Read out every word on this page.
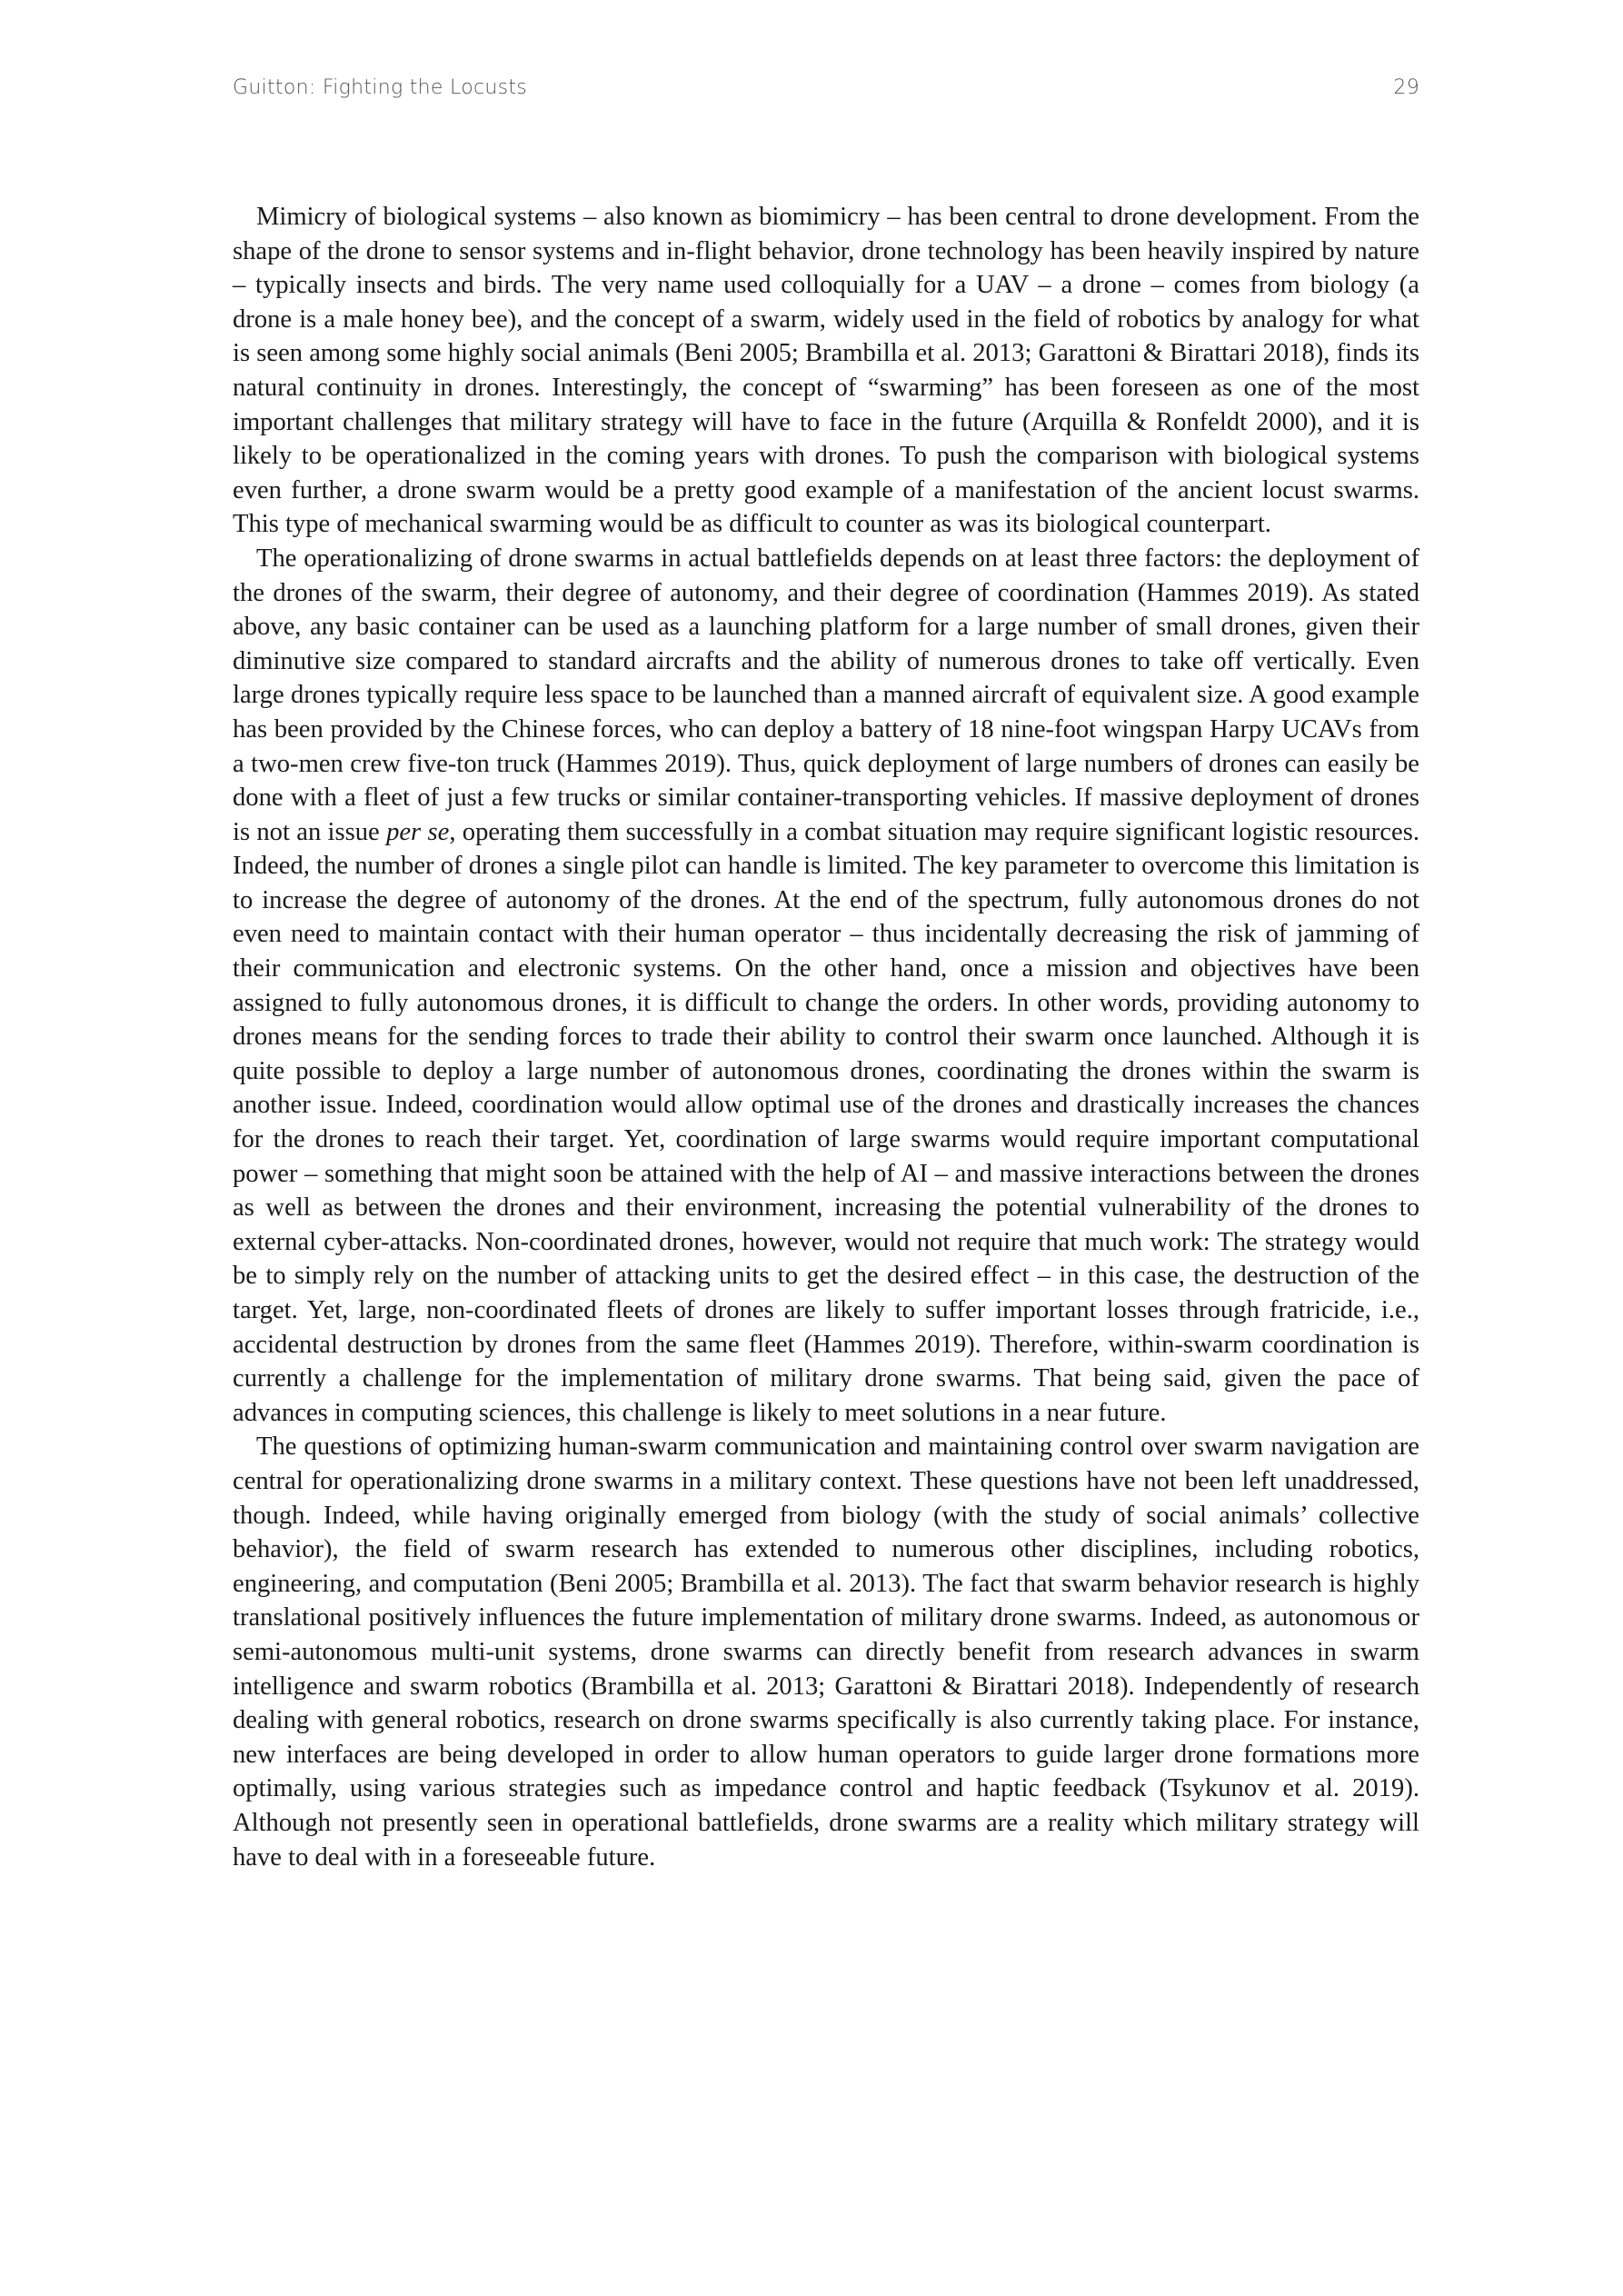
Guitton: Fighting the Locusts	29

Mimicry of biological systems – also known as biomimicry – has been central to drone development. From the shape of the drone to sensor systems and in-flight behavior, drone technology has been heavily inspired by nature – typically insects and birds. The very name used colloquially for a UAV – a drone – comes from biology (a drone is a male honey bee), and the concept of a swarm, widely used in the field of robotics by analogy for what is seen among some highly social animals (Beni 2005; Brambilla et al. 2013; Garattoni & Birattari 2018), finds its natural continuity in drones. Interestingly, the concept of “swarming” has been foreseen as one of the most important challenges that military strategy will have to face in the future (Arquilla & Ronfeldt 2000), and it is likely to be operationalized in the coming years with drones. To push the comparison with biological systems even further, a drone swarm would be a pretty good example of a manifestation of the ancient locust swarms. This type of mechanical swarming would be as difficult to counter as was its biological counterpart.

The operationalizing of drone swarms in actual battlefields depends on at least three factors: the deployment of the drones of the swarm, their degree of autonomy, and their degree of coordination (Hammes 2019). As stated above, any basic container can be used as a launching platform for a large number of small drones, given their diminutive size compared to standard aircrafts and the ability of numerous drones to take off vertically. Even large drones typically require less space to be launched than a manned aircraft of equivalent size. A good example has been provided by the Chinese forces, who can deploy a battery of 18 nine-foot wingspan Harpy UCAVs from a two-men crew five-ton truck (Hammes 2019). Thus, quick deployment of large numbers of drones can easily be done with a fleet of just a few trucks or similar container-transporting vehicles. If massive deployment of drones is not an issue per se, operating them successfully in a combat situation may require significant logistic resources. Indeed, the number of drones a single pilot can handle is limited. The key parameter to overcome this limitation is to increase the degree of autonomy of the drones. At the end of the spectrum, fully autonomous drones do not even need to maintain contact with their human operator – thus incidentally decreasing the risk of jamming of their communication and electronic systems. On the other hand, once a mission and objectives have been assigned to fully autonomous drones, it is difficult to change the orders. In other words, providing autonomy to drones means for the sending forces to trade their ability to control their swarm once launched. Although it is quite possible to deploy a large number of autonomous drones, coordinating the drones within the swarm is another issue. Indeed, coordination would allow optimal use of the drones and drastically increases the chances for the drones to reach their target. Yet, coordination of large swarms would require important computational power – something that might soon be attained with the help of AI – and massive interactions between the drones as well as between the drones and their environment, increasing the potential vulnerability of the drones to external cyber-attacks. Non-coordinated drones, however, would not require that much work: The strategy would be to simply rely on the number of attacking units to get the desired effect – in this case, the destruction of the target. Yet, large, non-coordinated fleets of drones are likely to suffer important losses through fratricide, i.e., accidental destruction by drones from the same fleet (Hammes 2019). Therefore, within-swarm coordination is currently a challenge for the implementation of military drone swarms. That being said, given the pace of advances in computing sciences, this challenge is likely to meet solutions in a near future.

The questions of optimizing human-swarm communication and maintaining control over swarm navigation are central for operationalizing drone swarms in a military context. These questions have not been left unaddressed, though. Indeed, while having originally emerged from biology (with the study of social animals’ collective behavior), the field of swarm research has extended to numerous other disciplines, including robotics, engineering, and computation (Beni 2005; Brambilla et al. 2013). The fact that swarm behavior research is highly translational positively influences the future implementation of military drone swarms. Indeed, as autonomous or semi-autonomous multi-unit systems, drone swarms can directly benefit from research advances in swarm intelligence and swarm robotics (Brambilla et al. 2013; Garattoni & Birattari 2018). Independently of research dealing with general robotics, research on drone swarms specifically is also currently taking place. For instance, new interfaces are being developed in order to allow human operators to guide larger drone formations more optimally, using various strategies such as impedance control and haptic feedback (Tsykunov et al. 2019). Although not presently seen in operational battlefields, drone swarms are a reality which military strategy will have to deal with in a foreseeable future.
